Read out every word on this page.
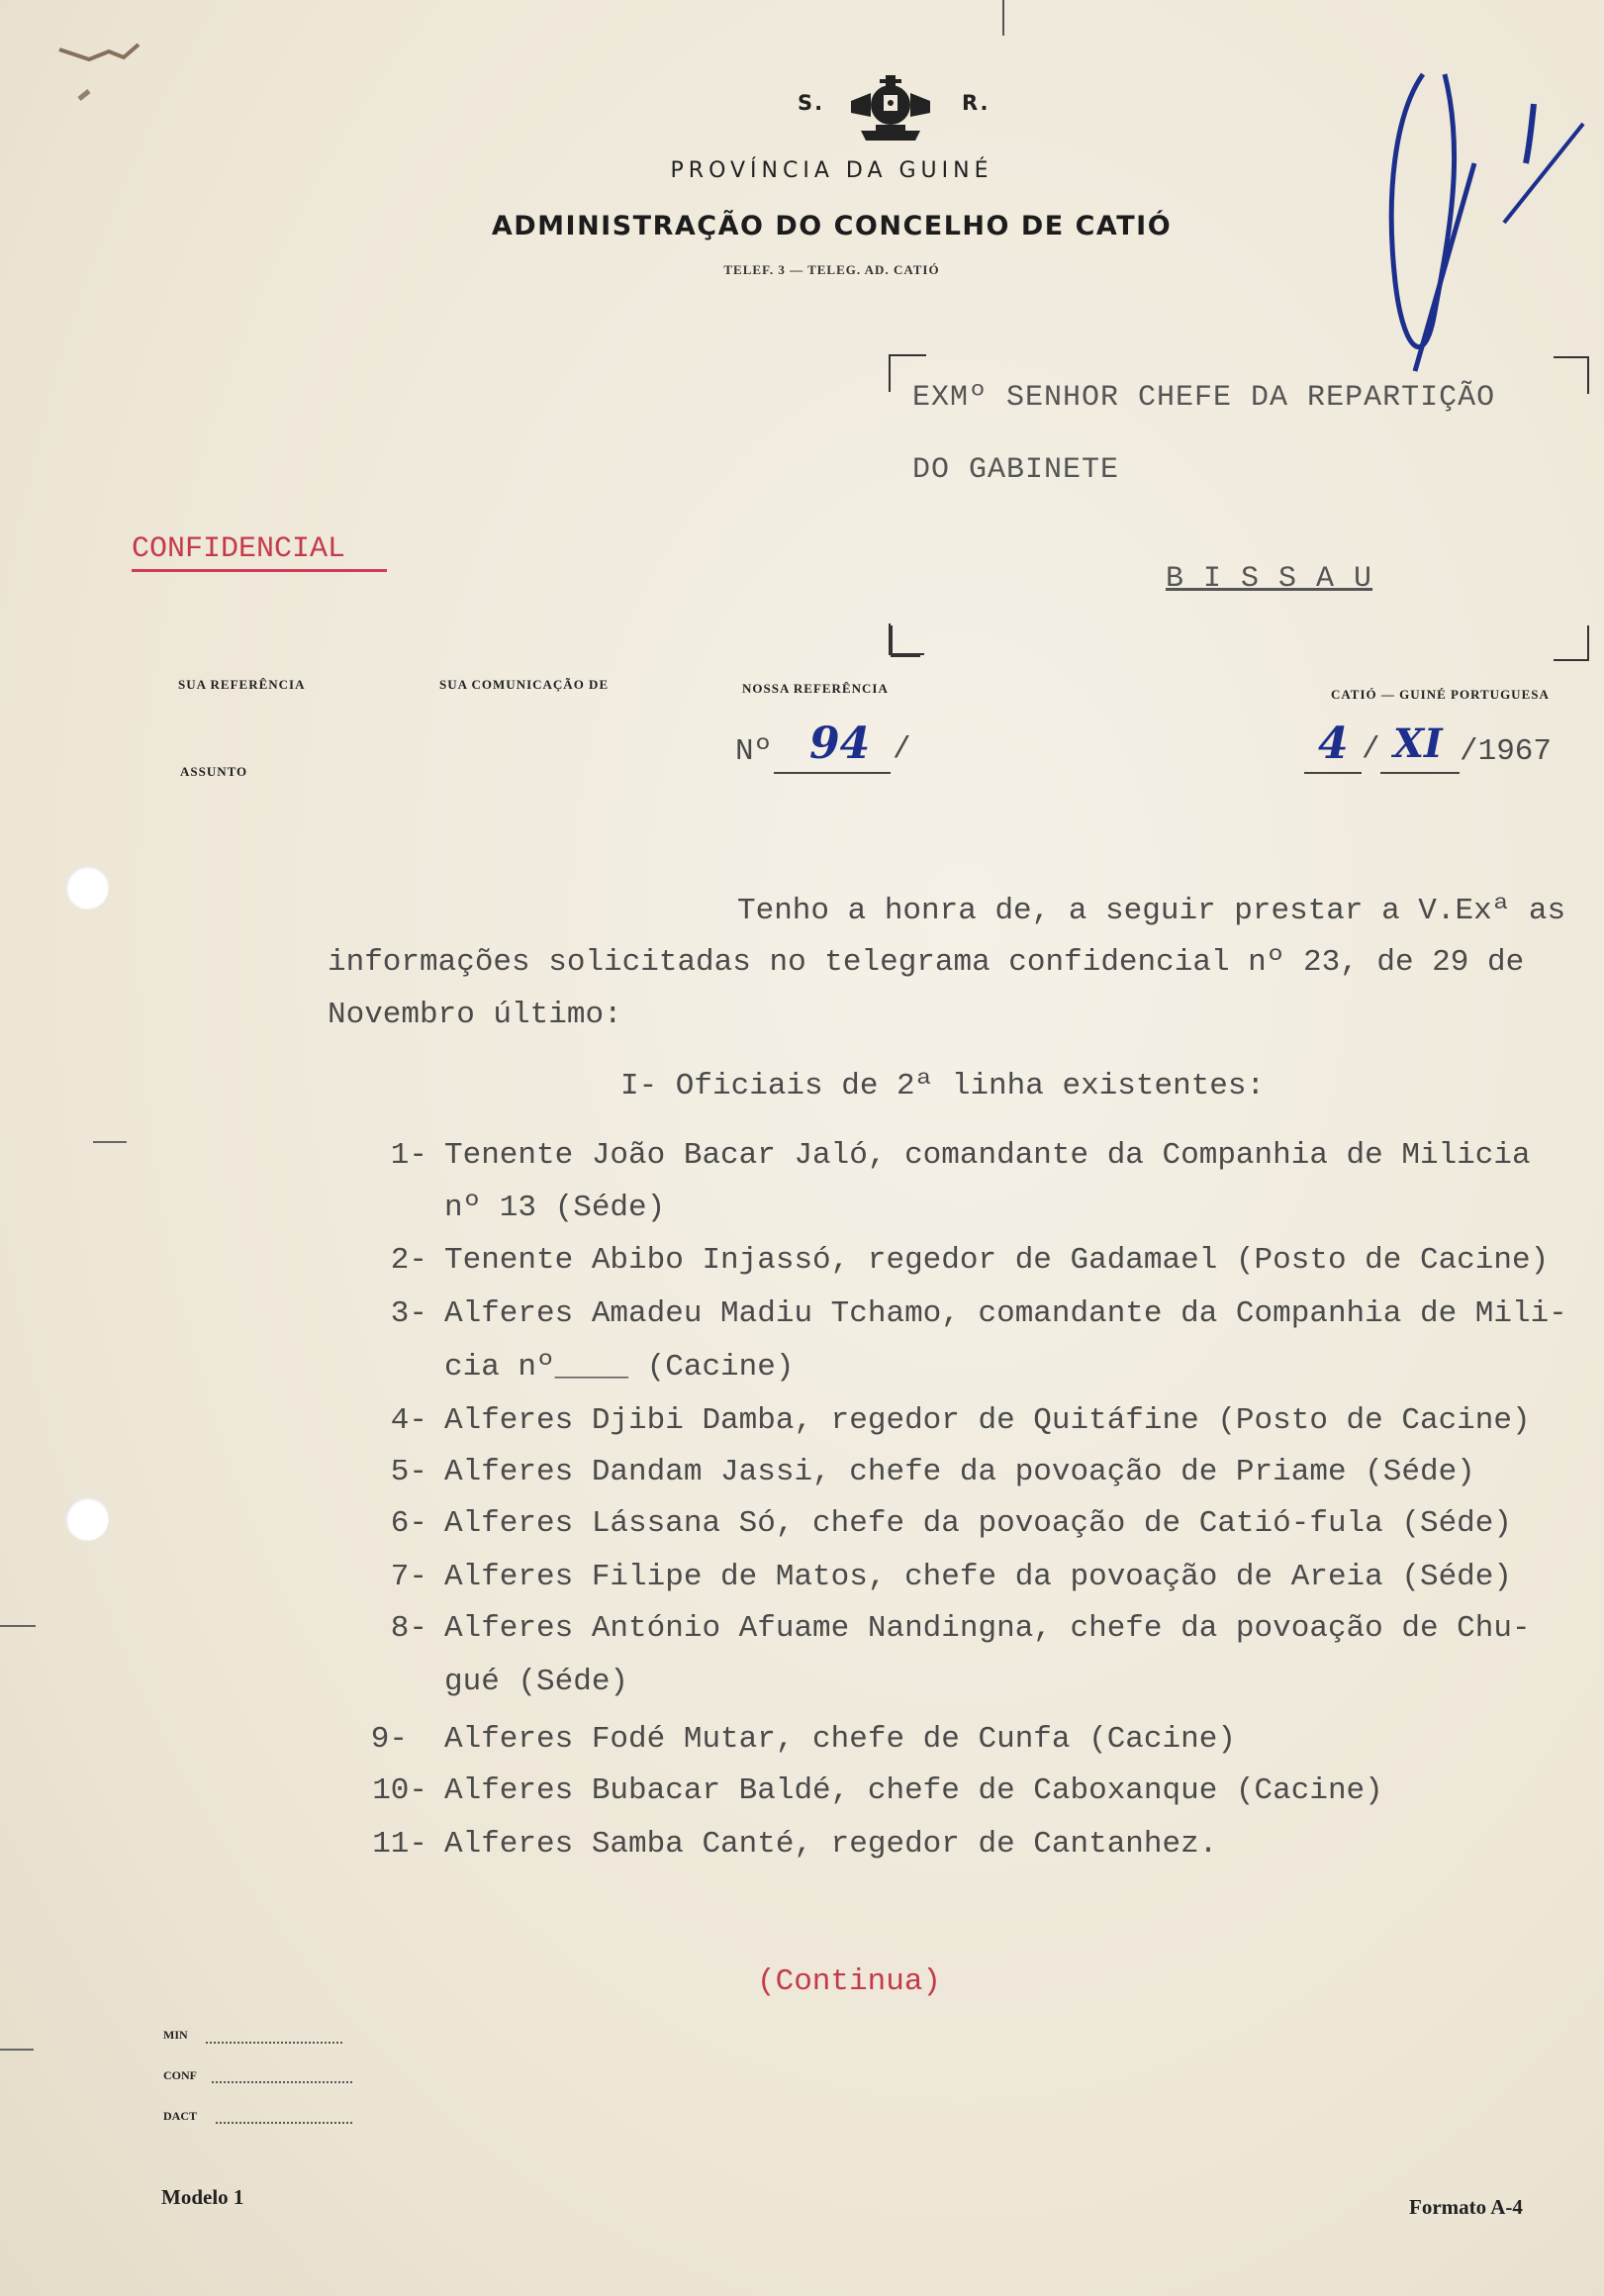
S.	R.
PROVÍNCIA DA GUINÉ
ADMINISTRAÇÃO DO CONCELHO DE CATIÓ
TELEF. 3 — TELEG. AD. CATIÓ
EXMº SENHOR CHEFE DA REPARTIÇÃO
DO GABINETE
B I S S A U
CONFIDENCIAL
SUA REFERÊNCIA	SUA COMUNICAÇÃO DE	NOSSA REFERÊNCIA	CATIÓ — GUINÉ PORTUGUESA
ASSUNTO
Nº 94 /	4 / XI /1967
Tenho a honra de, a seguir prestar a V.Exª as
informações solicitadas no telegrama confidencial nº 23, de 29 de
Novembro último:
I- Oficiais de 2ª linha existentes:
1- Tenente João Bacar Jaló, comandante da Companhia de Milicia
nº 13 (Séde)
2- Tenente Abibo Injassó, regedor de Gadamael (Posto de Cacine)
3- Alferes Amadeu Madiu Tchamo, comandante da Companhia de Mili-
cia nº____ (Cacine)
4- Alferes Djibi Damba, regedor de Quitáfine (Posto de Cacine)
5- Alferes Dandam Jassi, chefe da povoação de Priame (Séde)
6- Alferes Lássana Só, chefe da povoação de Catió-fula (Séde)
7- Alferes Filipe de Matos, chefe da povoação de Areia (Séde)
8- Alferes António Afuame Nandingna, chefe da povoação de Chu-
gué (Séde)
9- Alferes Fodé Mutar, chefe de Cunfa (Cacine)
10- Alferes Bubacar Baldé, chefe de Caboxanque (Cacine)
11- Alferes Samba Canté, regedor de Cantanhez.
(Continua)
MIN
CONF
DACT
Modelo 1	Formato A-4
